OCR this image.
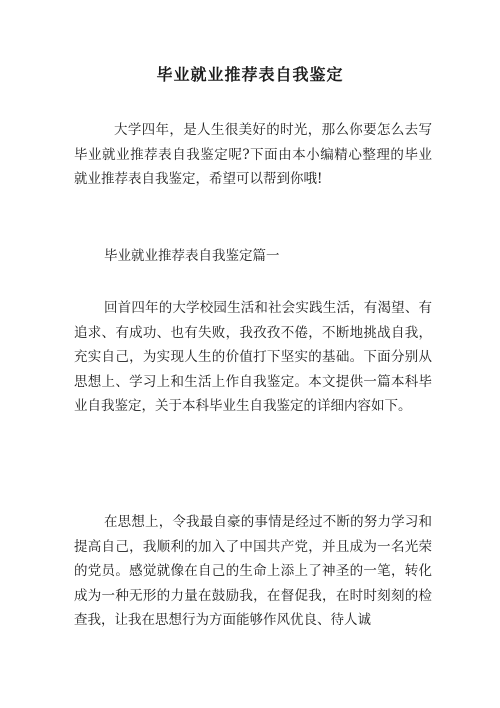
毕业就业推荐表自我鉴定

大学四年，是人生很美好的时光，那么你要怎么去写毕业就业推荐表自我鉴定呢?下面由本小编精心整理的毕业就业推荐表自我鉴定，希望可以帮到你哦!

毕业就业推荐表自我鉴定篇一

回首四年的大学校园生活和社会实践生活，有渴望、有追求、有成功、也有失败，我孜孜不倦，不断地挑战自我，充实自己，为实现人生的价值打下坚实的基础。下面分别从思想上、学习上和生活上作自我鉴定。本文提供一篇本科毕业自我鉴定，关于本科毕业生自我鉴定的详细内容如下。

在思想上，令我最自豪的事情是经过不断的努力学习和提高自己，我顺利的加入了中国共产党，并且成为一名光荣的党员。感觉就像在自己的生命上添上了神圣的一笔，转化成为一种无形的力量在鼓励我，在督促我，在时时刻刻的检查我，让我在思想行为方面能够作风优良、待人诚
